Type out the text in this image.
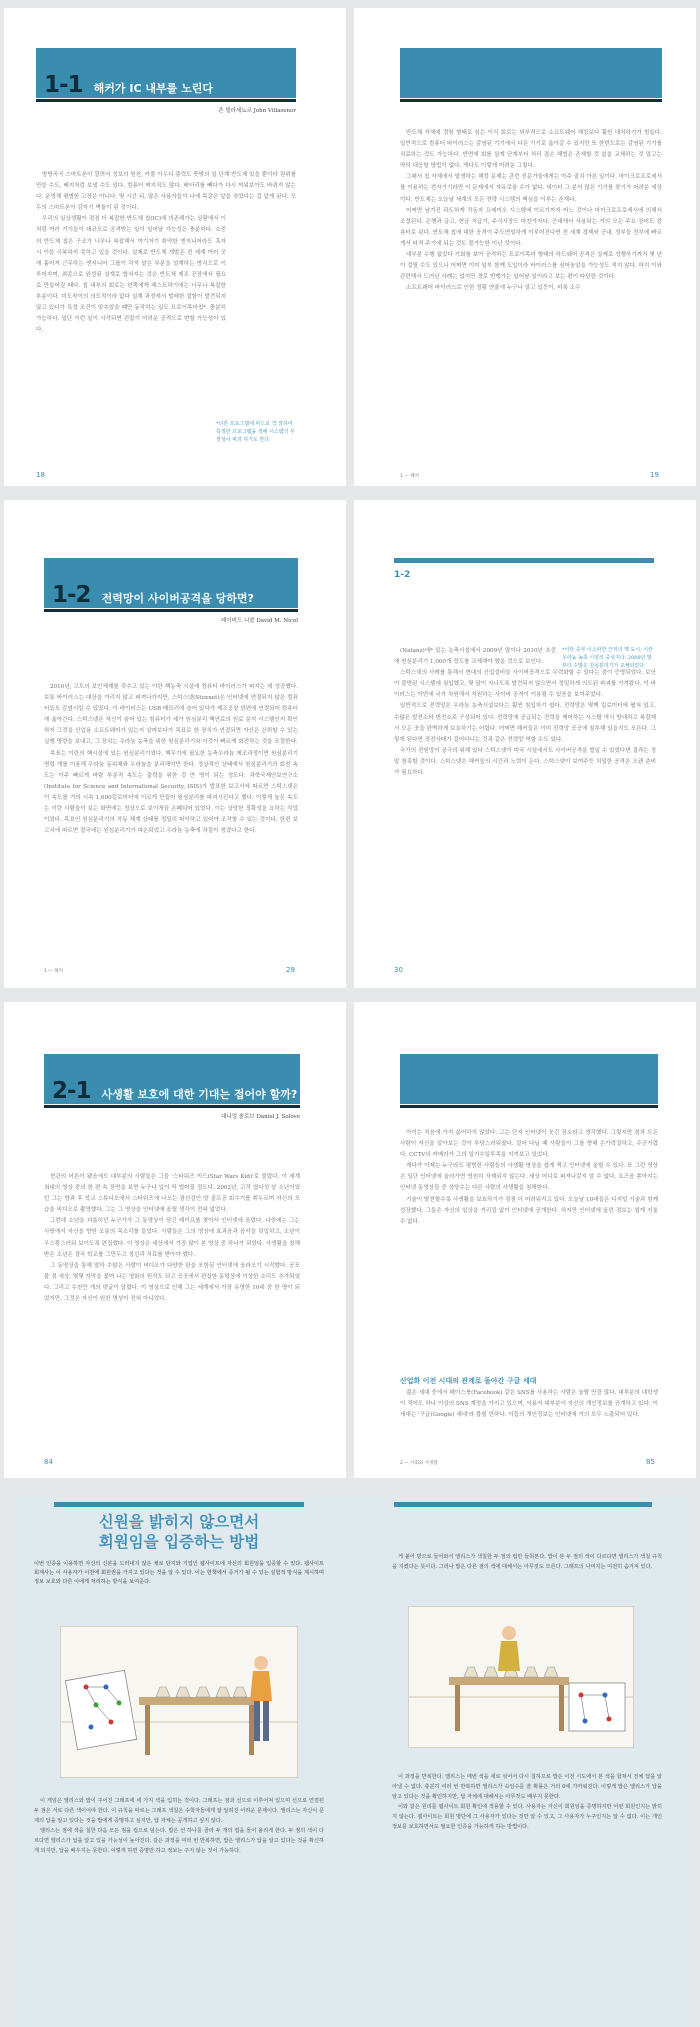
1-1 해커가 IC 내부를 노린다
존 빌라세뇨르 John Villasenor

방방곡곡 스마트폰이 깔려서 정보의 원천, 카풀 아우디 출력도 뜻밖의 일 단계 반도체 있을 뿐이다 권위를 만들 수도, 배지처럼 보낼 수도 있다. 컴퓨터 찌지직도 많다. 배터리를 빼다가 다시 꺼워보아도 바뀌지 않는다. 운영체 평범한 고장은 아니다. 몇 시간 뒤, 많은 사용자들이 나에 똑같은 앞을 겪었다는 걸 알게 된다. 모두의 스마트폰이 감자기 벽돌이 된 것이다.

우리의 일상생활이 점점 더 복잡한 반도체 칩(IC)에 의존해가는 상황에서 이처럼 여러 기기들이 대규모로 공격받는 일이 일어날 가능성은 충분하다. 소중의 반도체 칩은 구조가 너무나 복잡해서 여기저기 취약한 엔지니어라도 혹자 시 이들 극복하지 못하고 있을 것이다. 실제로 반도체 개발은 전 세계 여러 곳에 흩어져 근무하는 엔지니어 그룹이 각자 맡은 부분을 설계하는 방식으로 이루어지며, 최종으로 완성된 설계로 합쳐지는 것은 반도체 제조 공장에서 필요로 만들어질 때다. 칩 내부의 회로는 한쪽에게 레스트하기에는 너무나 복잡한 부분이다. 미도착이의 의도적이라 없다 설계 과정에서 벌레한 결함이 발견되지 않고 있다가 특정 조건이 맞추었을 때만 동작하는 일도 트로이목마칩*. 충분히 가능하다. 일단 이런 일이 시작되면 걷잡기 어려운 공격으로 변할 가능성이 있다.

*다른 프로그램에 파드로 적 장하여 특정한 프로그램을 정해 시스템의 무결성이 파괴 하기도 한다.
18

반도체 자체에 결함 형태로 심는 이식 회로는 외부적으로 소프트웨어 해킹보다 훨씬 대처하기가 힘들다. 일반적으로 컴퓨터 바이러스는 감염된 기기에서 다른 기기로 옮아갈 수 있지만 또 한번도로는 감염된 기기를 치료하는 것도 가능하다. 반면에 회를 설계 단계부터 처리 결손 해법은 존재할 것 없을 교체하는 것 말고는 딱히 대응할 방법이 없다. 게다도 이렇게 어려운 그렇다.

그래서 칩 자체에서 발생하는 해킹 문제는 관련 전문가들에게는 아주 골치 아픈 일이다. 마이크로프로세서를 이용하는 전자기기라면 이 문제에서 자유로울 수가 없다. 데이터 그 분석 많은 기기를 찾기가 어려운 세상이다. 반도체는 오늘날 세계의 모든 전략 시스템의 핵심을 이루는 존재다.

어쩌면 남겨진 과도하게 작동자 프레미오 시스템에 이르기까지 어느 것이나 마이크로프로세서에 의해서 조절된다. 은행과 금고, 현금 지급기, 주식시장도 마찬가지다. 군대에서 사용되는 거의 모든 주요 장비도 컴퓨터로 된다. 반도체 칩에 대한 공격이 주도면밀하게 이루어진다면 전 세계 경제와 군대, 정부들 전부에 빠르게서 타격 주기에 되는 것도 불가능한 이닌 것이다.

대부분 수행 없었다 기회를 보아 공격하는 트로이목마 형태의 하드웨어 공격은 실제로 성행하기까지 몇 년이 걸릴 수도 있으나 어쩌면 이미 일부 함께 도입이라 바이러스를 심어놓았을 가능성도 적지 않다. 하지 이와 관련해서 드러난 사례는 없지만 경로 빈맹가는 일어날 일이라고 보는 편이 타당한 것이다.

소프트웨어 바이러스로 인한 정황 연줄에 누구나 알고 있듯이, 비록 소수

1 — 해커	19
1-2 전력망이 사이버공격을 당하면?
데이비드 니콜 David M. Nicol

2010년, 고도의 보안체계를 갖추고 있는 이란 핵농축 시설에 컴퓨터 바이러스가 퍼지는 데 성공했다. 보통 바이러스는 대상을 가리지 않고 퍼져나가지만, 스턱스넷(Stuxnet)은 인터넷에 연결되지 않은 컴퓨터들도 감염시킬 수 있었다. 이 바이러스는 USB 메모리에 숨어 있다가 제조공장 한편에 연결되어 컴퓨터에 옮아간다. 스턱스넷은 자신이 숨어 있는 컴퓨터가 세가 원심분리 핵연료의 원료 분석 시스템인지 확인하지 그것을 산업용 소프트웨어가 있는지 살펴보다가 목표로 한 장치가 연결되면 자신은 신뢰할 수 있는 실행 명령을 보내고, 그 장치는 우라늄 농축을 위한 원심분리기와 이것이 빠르게 회전하는 것을 조절한다.

목표는 이란의 핵시설에 있는 원심분리기였다. 핵무기에 필요한 농축우라늄 제조과정이면 원심분리기 명령 개를 이용해 우라늄 동위체와 우라늄을 분리해야만 한다. 정상적인 상태에서 원심분리기의 회전 속도는 아주 빠르게 바람 부분적 속도는 출력을 위한 것 만 명이 되는 정도다. 과학국제안보연구소(Institute for Science and International Security, ISIS)가 발표한 보고서에 따르면 스턱스넷은 이 속도를 거의 시속 1,600킬로미터에 이르게 만들어 원심분리를 파괴시킨다고 했다. 이렇게 높은 속도는 이란 사람들이 보는 화면에는 정상으로 보이게끔 은폐되어 있었다. 이는 상당한 정확성을 요하는 작업이었다. 목표인 원심분리기의 작동 체계 상태를 정밀히 파악하고 있어야 조작할 수 있는 것이다. 한편 보고서에 따르면 결국에는 원심분리기가 파손되었고 우라늄 농축에 차질이 생겼다고 한다.

1 — 해커	29
1-2

(Natanz)에* 있는 농축시설에서 2009년 말이나 2010년 초중에 원심분리기 1,000개 정도를 교체해야 했을 것으로 보인다.

스턱스넷의 사례를 통해서 현대의 산업설비들 사이버공격으로 무력화할 수 있다는 점이 증명되었다. 보안이 불면된 시스템에 침입했고, 몇 달이 지나도록 발견되지 않으면서 정밀하게 의도된 파괴를 가져왔다. 이 바이러스는 이번에 국가 차원에서 지원하는 사이버 공격이 이용될 수 있음을 보여주었다.

일반적으로 전력망은 우라늄 농축시설보다는 훨씬 침입하기 쉽다. 전력망은 몇백 킬로미터에 펼쳐 있고, 수많은 발전소와 변전소로 구성되어 있다. 전력망에 공급되는 전력을 제어하는 시스템 역시 방대하고 복잡해서 모든 곳을 완벽하게 보호하기는 어렵다. 어쩌면 해커들은 이미 전력망 곳곳에 침투해 있을지도 모른다. 그렇게 된다면 정전사태가 걸어다니는 것과 같은 전력망 역할 수도 있다.

국가의 전원망이 궁극의 위해 있다 스턱스넷이 미국 시설에서도 사이버공격을 벌일 수 있었다면 결과는 정말 참혹할 것이다. 스턱스넷은 해커들의 시간과 노력이 든다. 스턱스넷이 보여주듯 치밀한 공격은 오랜 준비가 필요하다.

*이란 중부 이스파한 근처의 핵 도시, 이란 우라늄 농축 시설의 중심지다. 2009년 말부터 수많은 원심분리기가 교체되었다.
30
2-1 사생활 보호에 대한 기대는 접어야 할까?
대니얼 솔로브 Daniel J. Solove

현관의 어른이 됐음에도 대부분의 사람들은 그들 '스타워즈 키드(Star Wars Kid)'로 불렸다. 이 세계 최대의 영상 중의 한 편 속 장면을 보면 누구나 입이 딱 벌어질 정도다. 2002년, 고작 열다섯 살 소년이었던 그는 방과 후 학교 스튜디오에서 스타워즈에 나오는 광선검인 양 골프공 회수기를 휘두르며 자신의 모습을 비디오로 촬영했다. 그는 그 영상을 인터넷에 올릴 생각이 전혀 없었다.

그런데 소년을 괴롭히던 누군가가 그 동영상이 담긴 테이프를 찾아서 인터넷에 올렸다. 나중에는 그는 사방에서 자신을 향한 조롱의 목소리를 들었다. 사람들은 그의 영상에 효과음과 음악을 덧입히고, 소년이 우스꽝스러워 보이도록 편집했다. 이 영상은 세상에서 가장 많이 본 영상 중 하나가 되었다. 사생활을 침해받은 소년은 결국 학교를 그만두고 정신과 치료를 받아야 했다.

그 동영상을 통해 말하 수많은 사람이 비디오가 다양한 판을 포함된 인터넷에 올라오기 시작했다. 공포물 점 세상, 몇몇 자막을 붙여 나는 영화의 원작도 되고 곳곳에서 편집한 동영상에 이상한 소리도 추가되었다. 그리고 수천만 개의 댓글이 달렸다. 이 영상으로 인해 그는 세계에서 가장 유명한 10대 중 한 명이 되었지만, 그것은 자신이 원한 명성이 전혀 아니었다.

84

아이는 처음에 가지 싫어하지 않았다. 그는 단지 인터넷이 웃긴 장소라고 생각했다. 그렇지만 점차 모든 사람이 자신을 알아보는 것이 부담스러워졌다. 걸어 다닐 때 사람들이 그를 향해 손가락질하고, 수군거렸다. CCTV의 카메라가 그의 일거수일투족을 지켜보고 있었다.

게다가 이제는 누구라도 평범한 사람들의 사생활 영상을 쉽게 찍고 인터넷에 올릴 수 있다. 또 그런 영상은 일단 인터넷에 올라가면 영원히 삭제되지 않는다. 세상 어디로 퍼져나갈지 알 수 없다. 요즈음 쏟아지는 인터넷 동영상들 중 상당수는 다른 사람의 사생활을 침해한다.

기술이 발전할수록 사생활을 보호하기가 점점 더 어려워지고 있다. 오늘날 10대들은 디지털 기술과 함께 성장했다. 그들은 자신의 일상을 거리낌 없이 인터넷에 공개한다. 하지만 인터넷에 올린 정보는 쉽게 지울 수 없다.

산업화 이전 시대의 관계로 돌아간 구글 세대

젊은 세대 중에서 페이스북(Facebook) 같은 SNS를 사용하는 사람은 놀랄 만큼 많다. 대부분의 대학생이 적어도 하나 이상의 SNS 계정을 가지고 있으며, 이용자 대부분이 자신의 개인정보를 공개하고 있다. 이 세대는 '구글(Google) 세대'라 불릴 만하다. 이들의 개인정보는 인터넷에 거의 모두 노출되어 있다.

2 — 사회와 사생활	85
신원을 밝히지 않으면서
회원임을 입증하는 방법
이번 인증을 이용하면 자신의 신분을 드러내지 않은 채로 단지와 기업인 웹사이트에 자신의 회원임을 입증할 수 있다. 웹사이트 회계사는 이 사용자가 이전에 회원권을 가지고 있다는 것을 알 수 있다. 이는 헌책에서 증거가 될 수 있는 실험적 방식을 제시하며 정보 보호와 다른 이에게 처리하는 방식을 보여준다.

이 게임은 앨리스와 밥이 주어진 그래프에 세 가지 색을 입히는 것이다. 그래프는 점과 선으로 이루어져 있으며 선으로 연결된 두 점은 서로 다른 색이어야 한다. 이 규칙을 따르는 그래프 색칠은 수학자들에게 잘 알려진 어려운 문제이다. 앨리스는 자신이 문제의 답을 알고 있다는 것을 밥에게 증명하고 싶지만, 답 자체는 공개하고 싶지 않다.

앨리스는 점에 색을 칠한 다음 모든 점을 컵으로 덮는다. 밥은 선 하나를 골라 두 개의 컵을 들어 올리게 한다. 두 점의 색이 다르다면 앨리스가 답을 알고 있을 가능성이 높아진다. 같은 과정을 여러 번 반복하면, 밥은 앨리스가 답을 알고 있다는 것을 확신하게 되지만, 답을 배우지는 못한다. 이렇게 하면 증명만 하고 정보는 주지 않는 것이 가능하다.

게 붙어 방으로 들어와서 앨리스가 색칠한 두 점의 컵만 들춰본다. 밥이 본 두 점의 색이 다르다면 앨리스가 색칠 규칙을 지켰다는 뜻이다. 그러나 밥은 다른 점의 색에 대해서는 아무것도 모른다. 그래프의 나머지는 여전히 숨겨져 있다.

이 과정을 반복한다. 앨리스는 매번 색을 새로 섞어서 다시 칠하므로 밥은 이전 시도에서 본 색을 합쳐서 전체 답을 알아낼 수 없다. 충분히 여러 번 반복하면 앨리스가 속임수를 쓸 확률은 거의 0에 가까워진다. 이렇게 밥은 앨리스가 답을 알고 있다는 것을 확인하지만, 답 자체에 대해서는 아무것도 배우지 못한다.

이와 같은 원리를 웹사이트 회원 확인에 적용할 수 있다. 사용자는 자신이 회원임을 증명하지만 어떤 회원인지는 밝히지 않는다. 웹사이트는 회원 명단에 그 사용자가 있다는 것만 알 수 있고, 그 사용자가 누구인지는 알 수 없다. 이는 개인정보를 보호하면서도 필요한 인증을 가능하게 하는 방법이다.
